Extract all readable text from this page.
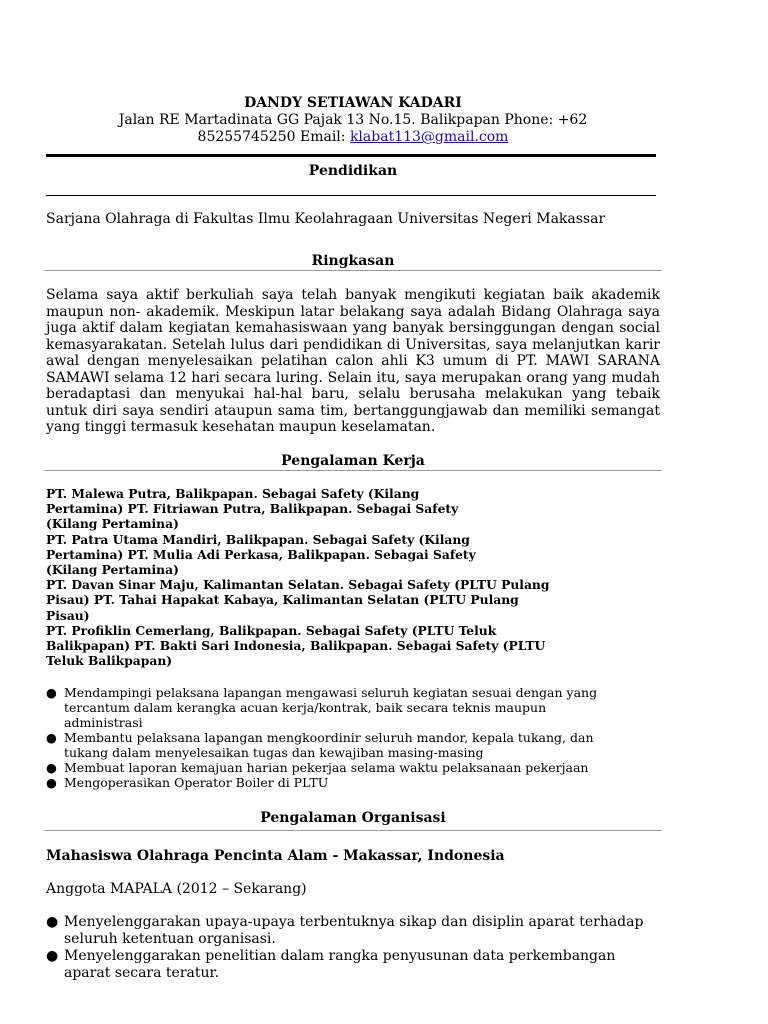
DANDY SETIAWAN KADARI
Jalan RE Martadinata GG Pajak 13 No.15. Balikpapan Phone: +62
85255745250 Email: klabat113@gmail.com
Pendidikan
Sarjana Olahraga di Fakultas Ilmu Keolahragaan Universitas Negeri Makassar
Ringkasan

Selama saya aktif berkuliah saya telah banyak mengikuti kegiatan baik akademik maupun non- akademik. Meskipun latar belakang saya adalah Bidang Olahraga saya juga aktif dalam kegiatan kemahasiswaan yang banyak bersinggungan dengan social kemasyarakatan. Setelah lulus dari pendidikan di Universitas, saya melanjutkan karir awal dengan menyelesaikan pelatihan calon ahli K3 umum di PT. MAWI SARANA SAMAWI selama 12 hari secara luring. Selain itu, saya merupakan orang yang mudah beradaptasi dan menyukai hal-hal baru, selalu berusaha melakukan yang tebaik untuk diri saya sendiri ataupun sama tim, bertanggungjawab dan memiliki semangat yang tinggi termasuk kesehatan maupun keselamatan.

Pengalaman Kerja
PT. Malewa Putra, Balikpapan. Sebagai Safety (Kilang
Pertamina) PT. Fitriawan Putra, Balikpapan. Sebagai Safety
(Kilang Pertamina)
PT. Patra Utama Mandiri, Balikpapan. Sebagai Safety (Kilang
Pertamina) PT. Mulia Adi Perkasa, Balikpapan. Sebagai Safety
(Kilang Pertamina)
PT. Davan Sinar Maju, Kalimantan Selatan. Sebagai Safety (PLTU Pulang
Pisau) PT. Tahai Hapakat Kabaya, Kalimantan Selatan (PLTU Pulang
Pisau)
PT. Profiklin Cemerlang, Balikpapan. Sebagai Safety (PLTU Teluk
Balikpapan) PT. Bakti Sari Indonesia, Balikpapan. Sebagai Safety (PLTU
Teluk Balikpapan)
● Mendampingi pelaksana lapangan mengawasi seluruh kegiatan sesuai dengan yang tercantum dalam kerangka acuan kerja/kontrak, baik secara teknis maupun administrasi
● Membantu pelaksana lapangan mengkoordinir seluruh mandor, kepala tukang, dan tukang dalam menyelesaikan tugas dan kewajiban masing-masing
● Membuat laporan kemajuan harian pekerjaa selama waktu pelaksanaan pekerjaan
● Mengoperasikan Operator Boiler di PLTU
Pengalaman Organisasi
Mahasiswa Olahraga Pencinta Alam - Makassar, Indonesia
Anggota MAPALA (2012 – Sekarang)
● Menyelenggarakan upaya-upaya terbentuknya sikap dan disiplin aparat terhadap seluruh ketentuan organisasi.
● Menyelenggarakan penelitian dalam rangka penyusunan data perkembangan aparat secara teratur.
